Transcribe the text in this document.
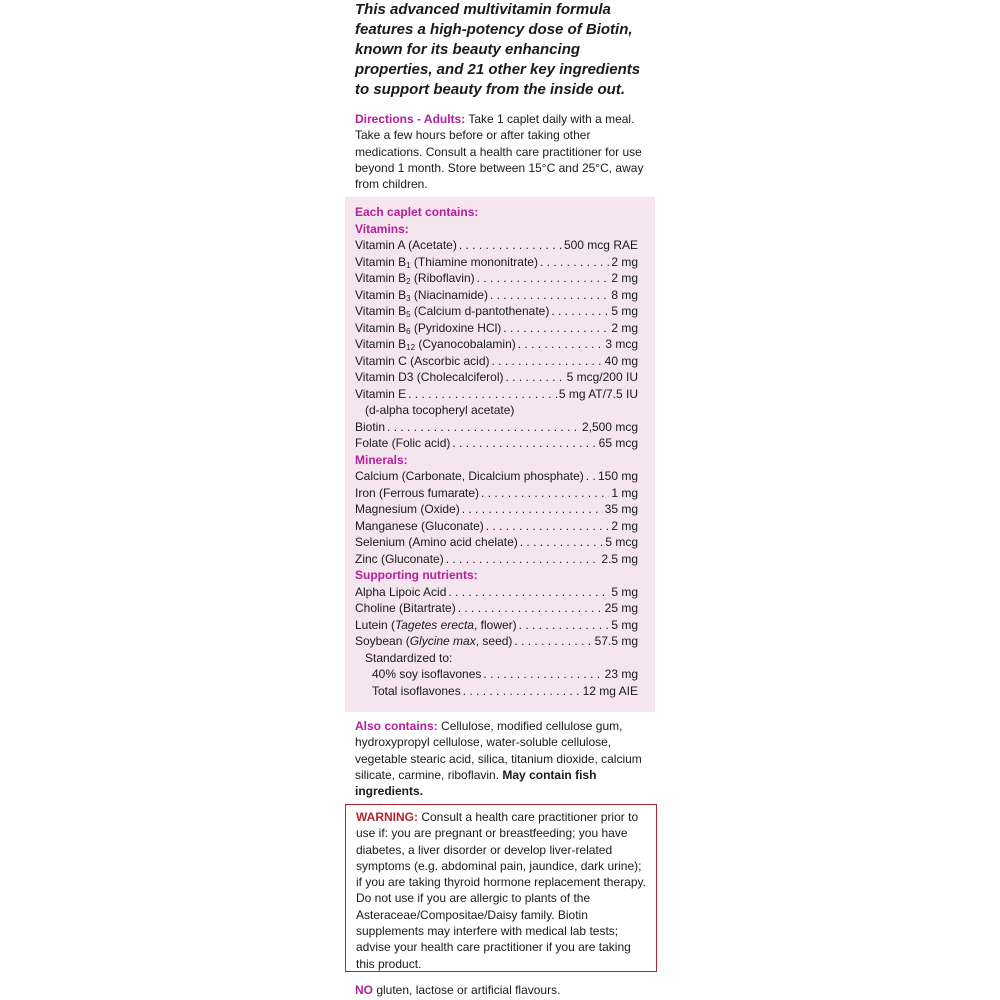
This advanced multivitamin formula features a high-potency dose of Biotin, known for its beauty enhancing properties, and 21 other key ingredients to support beauty from the inside out.
Directions - Adults: Take 1 caplet daily with a meal. Take a few hours before or after taking other medications. Consult a health care practitioner for use beyond 1 month. Store between 15°C and 25°C, away from children.
Each caplet contains:
Vitamins:
Vitamin A (Acetate) . . .	500 mcg RAE
Vitamin $B_1$ (Thiamine mononitrate) . . .	2 mg
Vitamin $B_2$ (Riboflavin) . . .	2 mg
Vitamin $B_3$ (Niacinamide) . . .	8 mg
Vitamin $B_5$ (Calcium d-pantothenate) . . .	5 mg
Vitamin $B_6$ (Pyridoxine HCl) . . .	2 mg
Vitamin $B_{12}$ (Cyanocobalamin) . . .	3 mcg
Vitamin C (Ascorbic acid) . . .	40 mg
Vitamin D3 (Cholecalciferol) . . .	5 mcg/200 IU
Vitamin E . . .	5 mg AT/7.5 IU
(d-alpha tocopheryl acetate)
Biotin . . .	2,500 mcg
Folate (Folic acid) . . .	65 mcg
Minerals:
Calcium (Carbonate, Dicalcium phosphate) . . . 150 mg
Iron (Ferrous fumarate) . . .	1 mg
Magnesium (Oxide) . . .	35 mg
Manganese (Gluconate) . . .	2 mg
Selenium (Amino acid chelate) . . .	5 mcg
Zinc (Gluconate) . . .	2.5 mg
Supporting nutrients:
Alpha Lipoic Acid . . .	5 mg
Choline (Bitartrate) . . .	25 mg
Lutein (Tagetes erecta, flower) . . .	5 mg
Soybean (Glycine max, seed) . . .	57.5 mg
Standardized to:
40% soy isoflavones . . .	23 mg
Total isoflavones . . .	12 mg AIE
Also contains: Cellulose, modified cellulose gum, hydroxypropyl cellulose, water-soluble cellulose, vegetable stearic acid, silica, titanium dioxide, calcium silicate, carmine, riboflavin. May contain fish ingredients.
WARNING: Consult a health care practitioner prior to use if: you are pregnant or breastfeeding; you have diabetes, a liver disorder or develop liver-related symptoms (e.g. abdominal pain, jaundice, dark urine); if you are taking thyroid hormone replacement therapy. Do not use if you are allergic to plants of the Asteraceae/Compositae/Daisy family. Biotin supplements may interfere with medical lab tests; advise your health care practitioner if you are taking this product.
NO gluten, lactose or artificial flavours.
